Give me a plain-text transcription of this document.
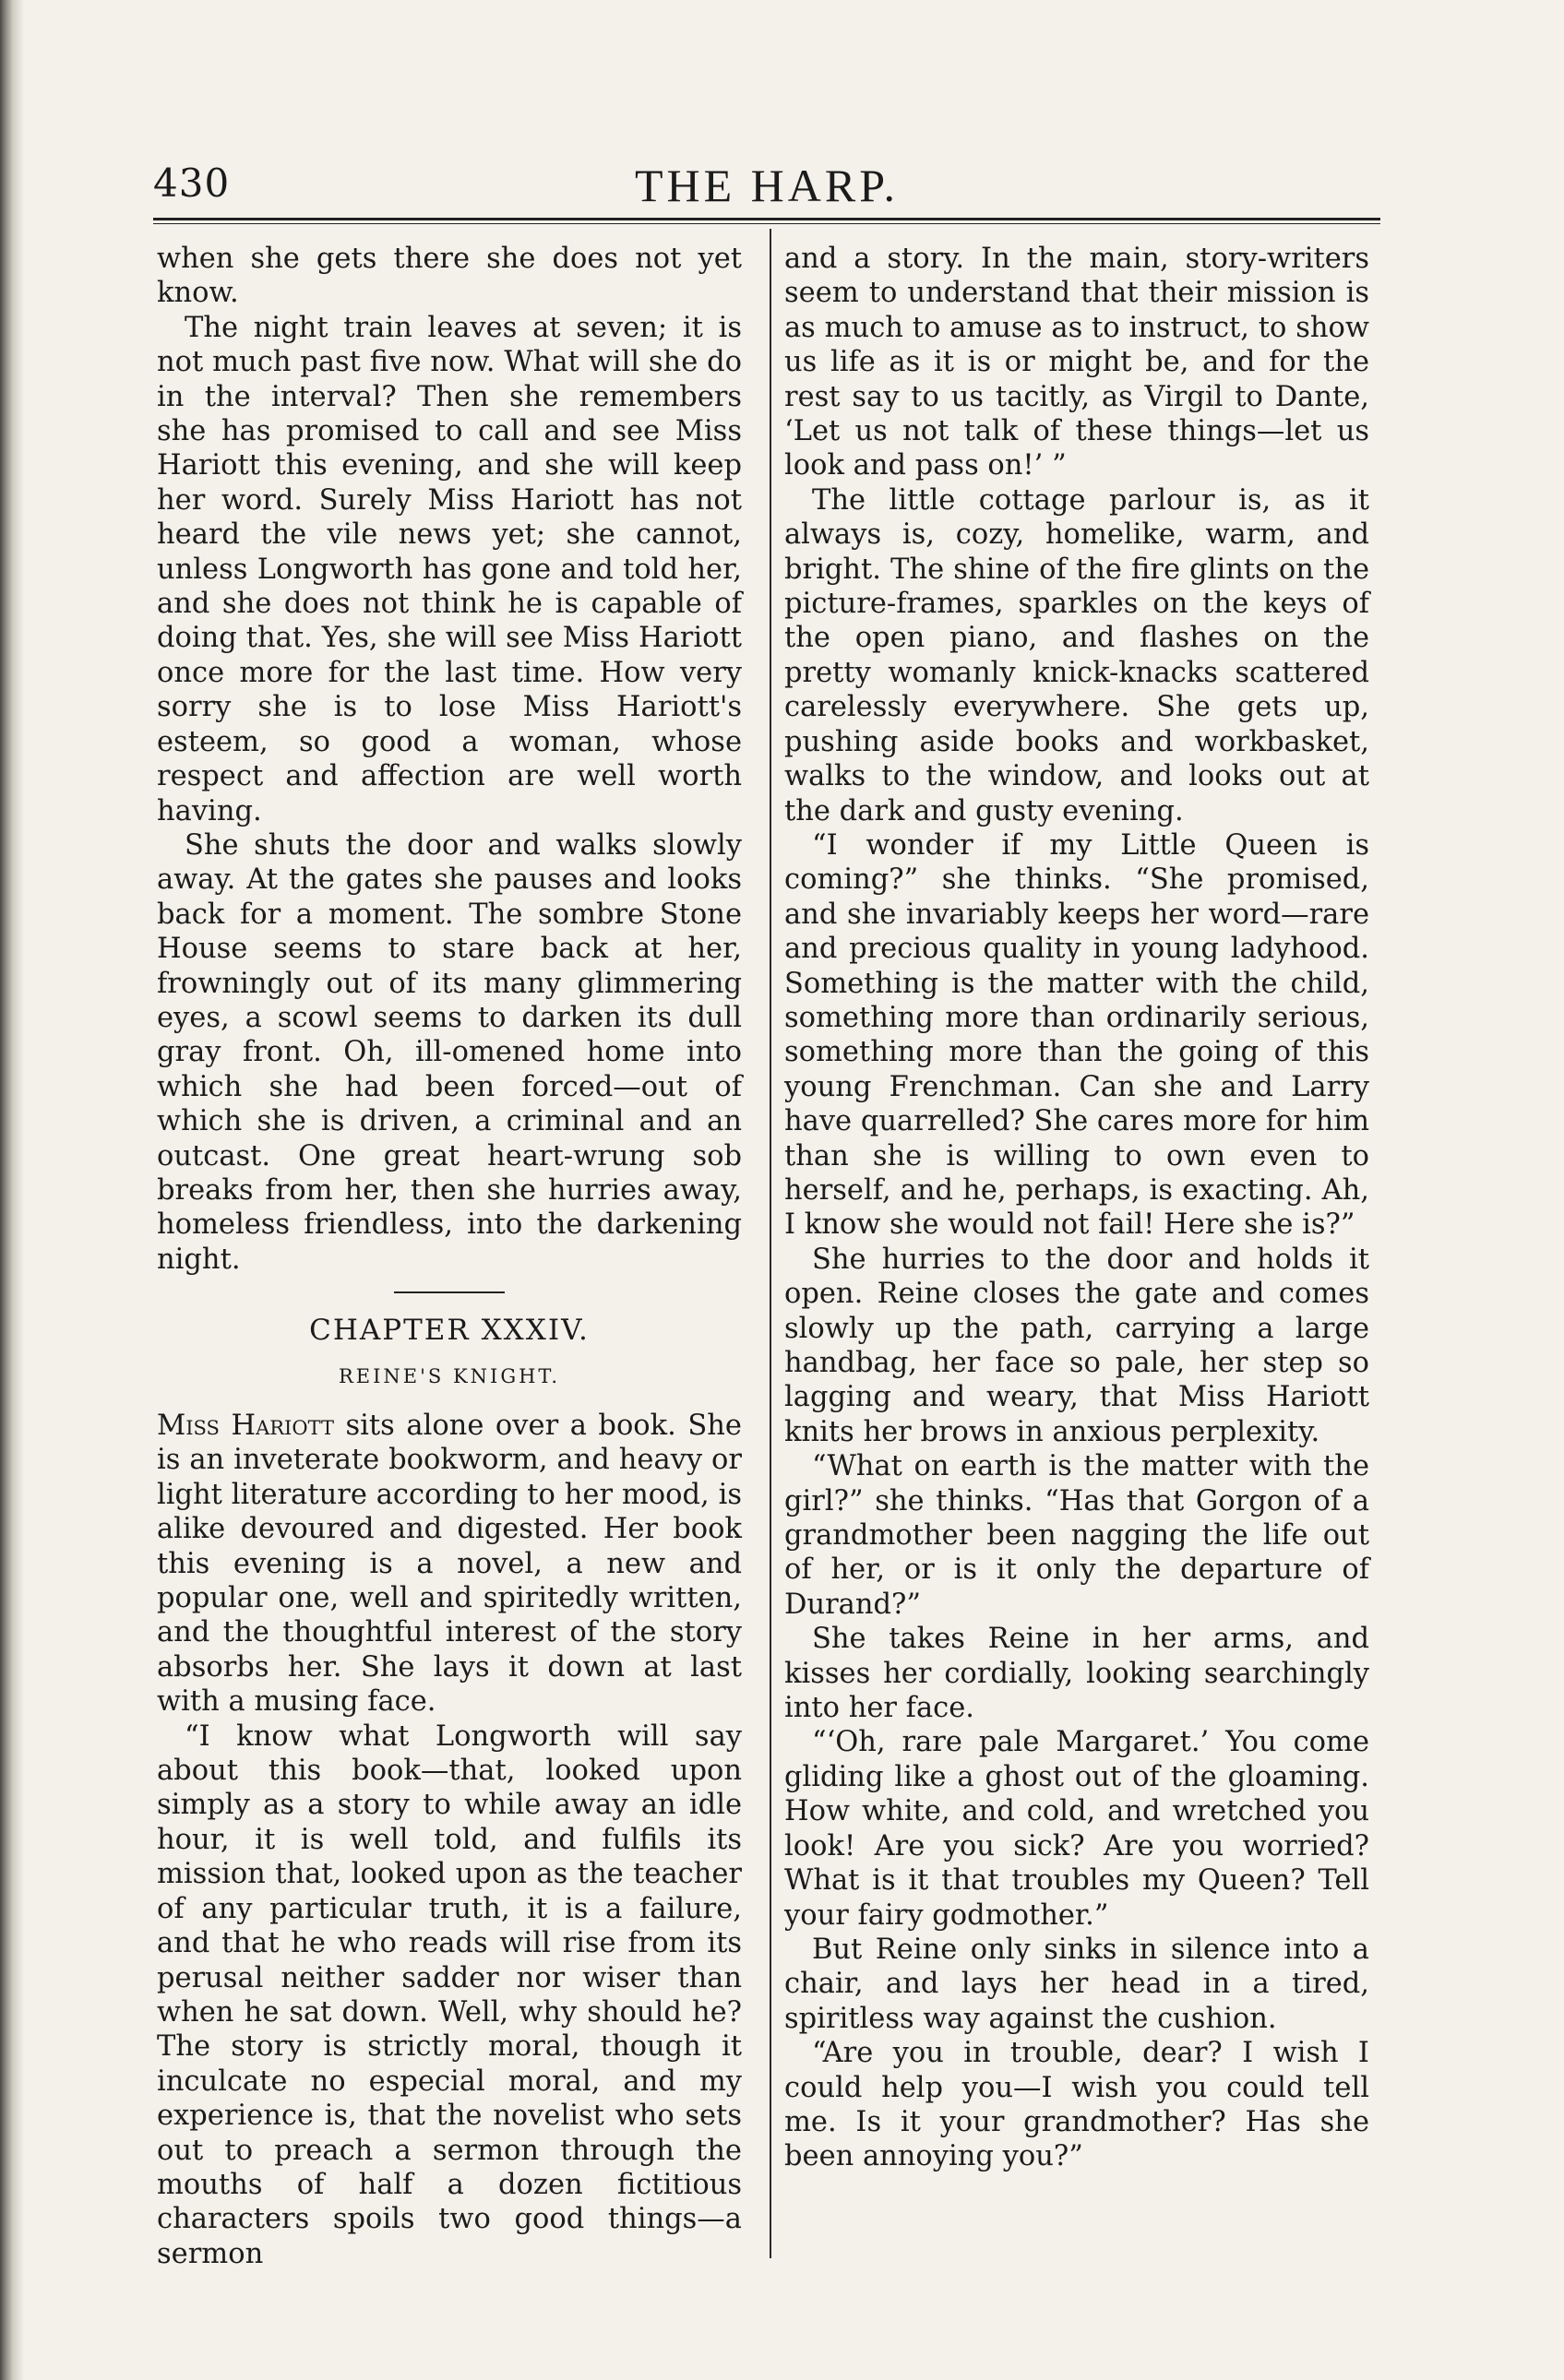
430	THE HARP.

when she gets there she does not yet know.

The night train leaves at seven; it is not much past five now. What will she do in the interval? Then she remembers she has promised to call and see Miss Hariott this evening, and she will keep her word. Surely Miss Hariott has not heard the vile news yet; she cannot, unless Longworth has gone and told her, and she does not think he is capable of doing that. Yes, she will see Miss Hariott once more for the last time. How very sorry she is to lose Miss Hariott's esteem, so good a woman, whose respect and affection are well worth having.

She shuts the door and walks slowly away. At the gates she pauses and looks back for a moment. The sombre Stone House seems to stare back at her, frowningly out of its many glimmering eyes, a scowl seems to darken its dull gray front. Oh, ill-omened home into which she had been forced—out of which she is driven, a criminal and an outcast. One great heart-wrung sob breaks from her, then she hurries away, homeless friendless, into the darkening night.

CHAPTER XXXIV.
REINE'S KNIGHT.

Miss Hariott sits alone over a book. She is an inveterate bookworm, and heavy or light literature according to her mood, is alike devoured and digested. Her book this evening is a novel, a new and popular one, well and spiritedly written, and the thoughtful interest of the story absorbs her. She lays it down at last with a musing face.

“I know what Longworth will say about this book—that, looked upon simply as a story to while away an idle hour, it is well told, and fulfils its mission that, looked upon as the teacher of any particular truth, it is a failure, and that he who reads will rise from its perusal neither sadder nor wiser than when he sat down. Well, why should he? The story is strictly moral, though it inculcate no especial moral, and my experience is, that the novelist who sets out to preach a sermon through the mouths of half a dozen fictitious characters spoils two good things—a sermon

and a story. In the main, story-writers seem to understand that their mission is as much to amuse as to instruct, to show us life as it is or might be, and for the rest say to us tacitly, as Virgil to Dante, ‘Let us not talk of these things—let us look and pass on!’ ”

The little cottage parlour is, as it always is, cozy, homelike, warm, and bright. The shine of the fire glints on the picture-frames, sparkles on the keys of the open piano, and flashes on the pretty womanly knick-knacks scattered carelessly everywhere. She gets up, pushing aside books and workbasket, walks to the window, and looks out at the dark and gusty evening.

“I wonder if my Little Queen is coming?” she thinks. “She promised, and she invariably keeps her word—rare and precious quality in young ladyhood. Something is the matter with the child, something more than ordinarily serious, something more than the going of this young Frenchman. Can she and Larry have quarrelled? She cares more for him than she is willing to own even to herself, and he, perhaps, is exacting. Ah, I know she would not fail! Here she is?”

She hurries to the door and holds it open. Reine closes the gate and comes slowly up the path, carrying a large handbag, her face so pale, her step so lagging and weary, that Miss Hariott knits her brows in anxious perplexity.

“What on earth is the matter with the girl?” she thinks. “Has that Gorgon of a grandmother been nagging the life out of her, or is it only the departure of Durand?”

She takes Reine in her arms, and kisses her cordially, looking searchingly into her face.

“‘Oh, rare pale Margaret.’ You come gliding like a ghost out of the gloaming. How white, and cold, and wretched you look! Are you sick? Are you worried? What is it that troubles my Queen? Tell your fairy godmother.”

But Reine only sinks in silence into a chair, and lays her head in a tired, spiritless way against the cushion.

“Are you in trouble, dear? I wish I could help you—I wish you could tell me. Is it your grandmother? Has she been annoying you?”
